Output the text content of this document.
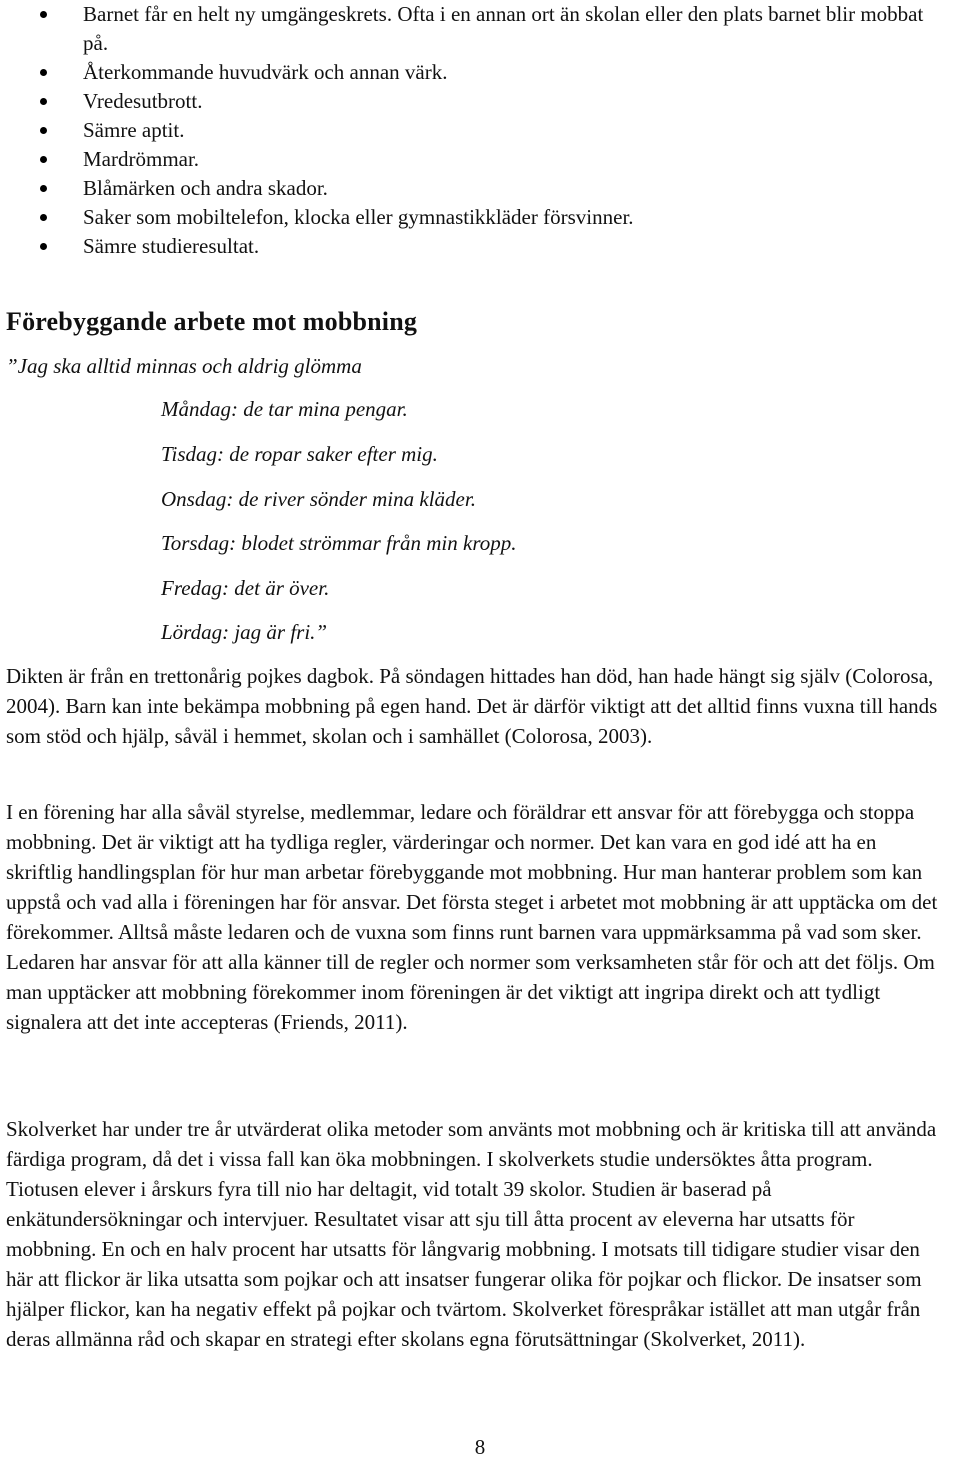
Barnet får en helt ny umgängeskrets. Ofta i en annan ort än skolan eller den plats barnet blir mobbat på.
Återkommande huvudvärk och annan värk.
Vredesutbrott.
Sämre aptit.
Mardrömmar.
Blåmärken och andra skador.
Saker som mobiltelefon, klocka eller gymnastikkläder försvinner.
Sämre studieresultat.
Förebyggande arbete mot mobbning
”Jag ska alltid minnas och aldrig glömma
Måndag: de tar mina pengar.
Tisdag: de ropar saker efter mig.
Onsdag: de river sönder mina kläder.
Torsdag: blodet strömmar från min kropp.
Fredag: det är över.
Lördag: jag är fri.”

Dikten är från en trettonårig pojkes dagbok. På söndagen hittades han död, han hade hängt sig själv (Colorosa, 2004). Barn kan inte bekämpa mobbning på egen hand. Det är därför viktigt att det alltid finns vuxna till hands som stöd och hjälp, såväl i hemmet, skolan och i samhället (Colorosa, 2003).

I en förening har alla såväl styrelse, medlemmar, ledare och föräldrar ett ansvar för att förebygga och stoppa mobbning. Det är viktigt att ha tydliga regler, värderingar och normer. Det kan vara en god idé att ha en skriftlig handlingsplan för hur man arbetar förebyggande mot mobbning. Hur man hanterar problem som kan uppstå och vad alla i föreningen har för ansvar. Det första steget i arbetet mot mobbning är att upptäcka om det förekommer. Alltså måste ledaren och de vuxna som finns runt barnen vara uppmärksamma på vad som sker. Ledaren har ansvar för att alla känner till de regler och normer som verksamheten står för och att det följs. Om man upptäcker att mobbning förekommer inom föreningen är det viktigt att ingripa direkt och att tydligt signalera att det inte accepteras (Friends, 2011).

Skolverket har under tre år utvärderat olika metoder som använts mot mobbning och är kritiska till att använda färdiga program, då det i vissa fall kan öka mobbningen. I skolverkets studie undersöktes åtta program. Tiotusen elever i årskurs fyra till nio har deltagit, vid totalt 39 skolor. Studien är baserad på enkätundersökningar och intervjuer. Resultatet visar att sju till åtta procent av eleverna har utsatts för mobbning. En och en halv procent har utsatts för långvarig mobbning. I motsats till tidigare studier visar den här att flickor är lika utsatta som pojkar och att insatser fungerar olika för pojkar och flickor. De insatser som hjälper flickor, kan ha negativ effekt på pojkar och tvärtom. Skolverket förespråkar istället att man utgår från deras allmänna råd och skapar en strategi efter skolans egna förutsättningar (Skolverket, 2011).

8
